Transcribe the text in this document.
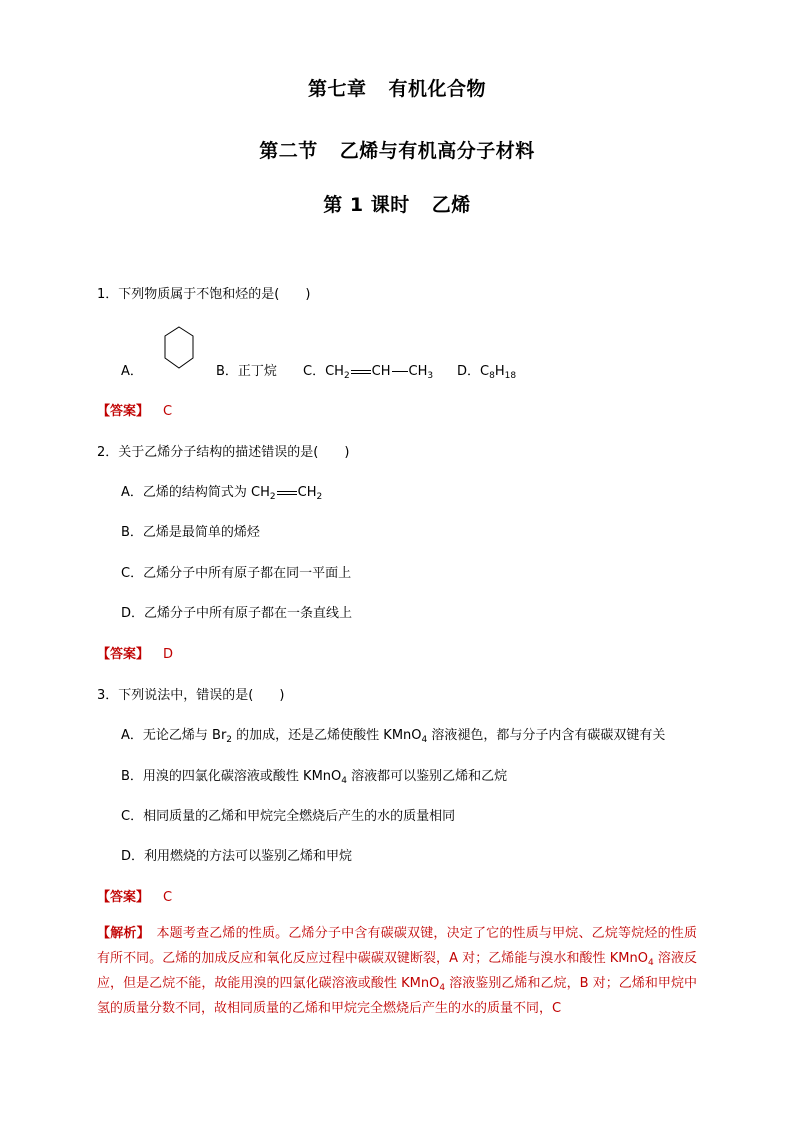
第七章 有机化合物
第二节 乙烯与有机高分子材料
第 1 课时 乙烯
1．下列物质属于不饱和烃的是(　　)
A．	B．正丁烷 C．$CH_2$ CH $CH_3$ D．$C_8H_{18}$
【答案】 C
2．关于乙烯分子结构的描述错误的是(　　)
A．乙烯的结构简式为 $CH_2$ $CH_2$
B．乙烯是最简单的烯烃
C．乙烯分子中所有原子都在同一平面上
D．乙烯分子中所有原子都在一条直线上
【答案】 D
3．下列说法中，错误的是(　　)
A．无论乙烯与 $Br_2$ 的加成，还是乙烯使酸性 KMnO$_4$ 溶液褪色，都与分子内含有碳碳双键有关
B．用溴的四氯化碳溶液或酸性 KMnO$_4$ 溶液都可以鉴别乙烯和乙烷
C．相同质量的乙烯和甲烷完全燃烧后产生的水的质量相同
D．利用燃烧的方法可以鉴别乙烯和甲烷
【答案】 C
【解析】　本题考查乙烯的性质。乙烯分子中含有碳碳双键，决定了它的性质与甲烷、乙烷等烷烃的性质有所不同。乙烯的加成反应和氧化反应过程中碳碳双键断裂，A 对；乙烯能与溴水和酸性 KMnO$_4$ 溶液反应，但是乙烷不能，故能用溴的四氯化碳溶液或酸性 KMnO$_4$ 溶液鉴别乙烯和乙烷，B 对；乙烯和甲烷中氢的质量分数不同，故相同质量的乙烯和甲烷完全燃烧后产生的水的质量不同，C
